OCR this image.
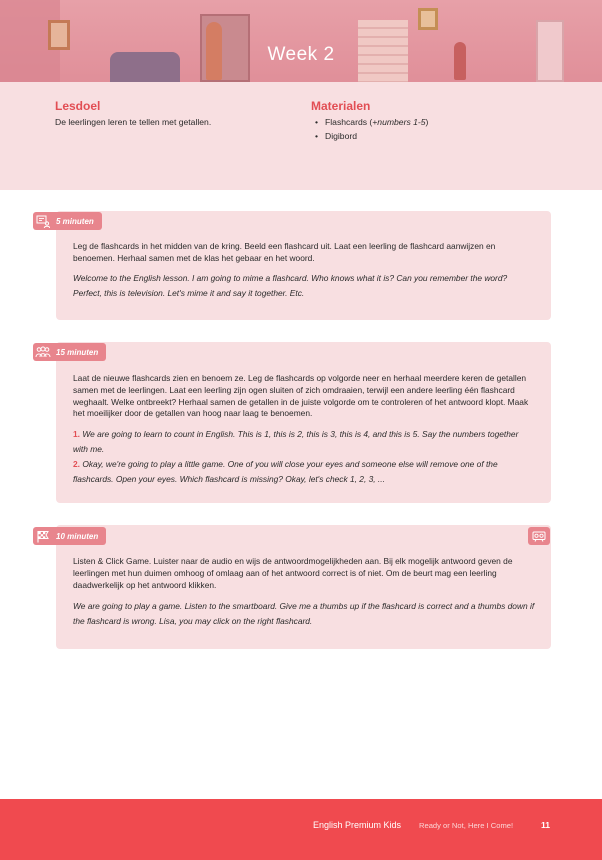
Week 2
Lesdoel

De leerlingen leren te tellen met getallen.

Materialen
• Flashcards (+numbers 1-5)
• Digibord
Leg de flashcards in het midden van de kring. Beeld een flashcard uit. Laat een leerling de flashcard aanwijzen en benoemen. Herhaal samen met de klas het gebaar en het woord.
Welcome to the English lesson. I am going to mime a flashcard. Who knows what it is? Can you remember the word? Perfect, this is television. Let's mime it and say it together. Etc.
5 minuten
Laat de nieuwe flashcards zien en benoem ze. Leg de flashcards op volgorde neer en herhaal meerdere keren de getallen samen met de leerlingen. Laat een leerling zijn ogen sluiten of zich omdraaien, terwijl een andere leerling één flashcard weghaalt. Welke ontbreekt? Herhaal samen de getallen in de juiste volgorde om te controleren of het antwoord klopt. Maak het moeilijker door de getallen van hoog naar laag te benoemen.
1. We are going to learn to count in English. This is 1, this is 2, this is 3, this is 4, and this is 5. Say the numbers together with me.
2. Okay, we're going to play a little game. One of you will close your eyes and someone else will remove one of the flashcards. Open your eyes. Which flashcard is missing? Okay, let's check 1, 2, 3, ...
15 minuten
Listen & Click Game. Luister naar de audio en wijs de antwoordmogelijkheden aan. Bij elk mogelijk antwoord geven de leerlingen met hun duimen omhoog of omlaag aan of het antwoord correct is of niet. Om de beurt mag een leerling daadwerkelijk op het antwoord klikken.
We are going to play a game. Listen to the smartboard. Give me a thumbs up if the flashcard is correct and a thumbs down if the flashcard is wrong. Lisa, you may click on the right flashcard.
10 minuten
English Premium Kids Ready or Not, Here I Come!	11
